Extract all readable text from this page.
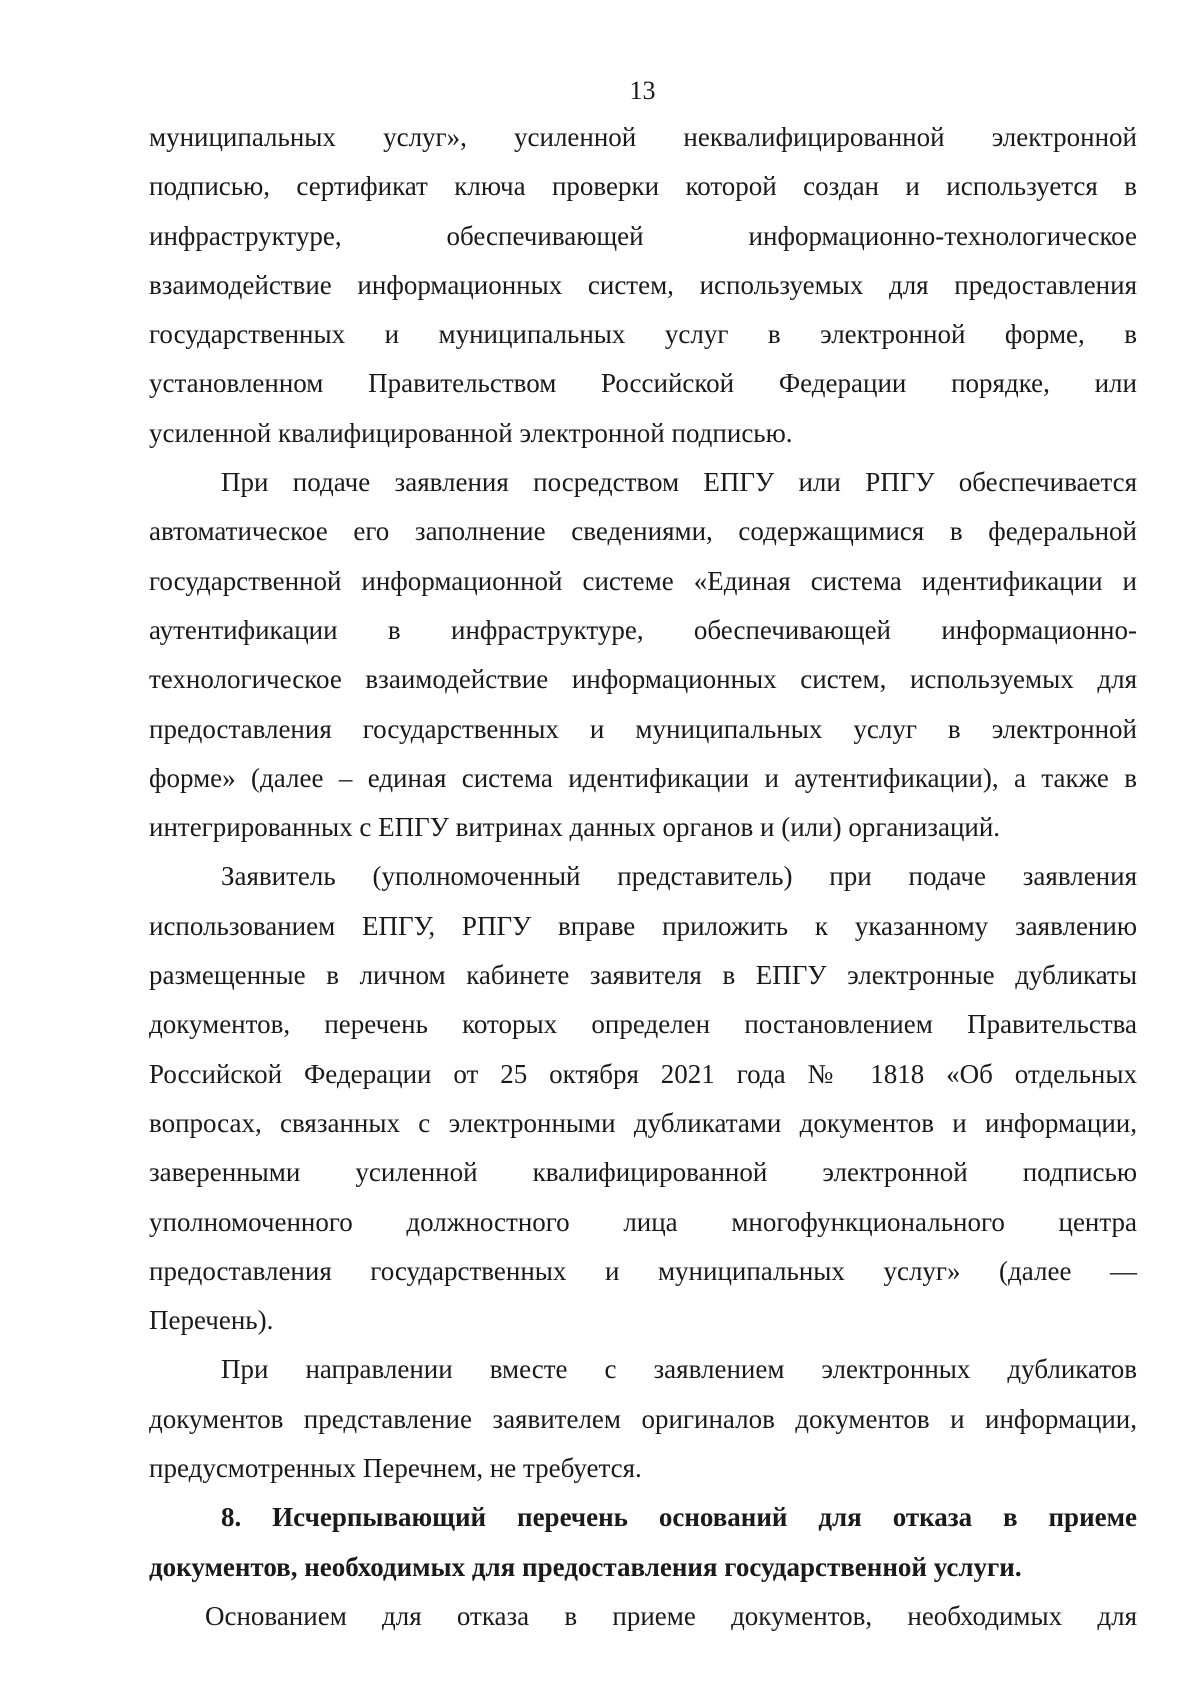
13
муниципальных услуг», усиленной неквалифицированной электронной
подписью, сертификат ключа проверки которой создан и используется в
инфраструктуре, обеспечивающей информационно-технологическое
взаимодействие информационных систем, используемых для предоставления
государственных и муниципальных услуг в электронной форме, в
установленном Правительством Российской Федерации порядке, или
усиленной квалифицированной электронной подписью.
При подаче заявления посредством ЕПГУ или РПГУ обеспечивается
автоматическое его заполнение сведениями, содержащимися в федеральной
государственной информационной системе «Единая система идентификации и
аутентификации в инфраструктуре, обеспечивающей информационно-
технологическое взаимодействие информационных систем, используемых для
предоставления государственных и муниципальных услуг в электронной
форме» (далее – единая система идентификации и аутентификации), а также в
интегрированных с ЕПГУ витринах данных органов и (или) организаций.
Заявитель (уполномоченный представитель) при подаче заявления
использованием ЕПГУ, РПГУ вправе приложить к указанному заявлению
размещенные в личном кабинете заявителя в ЕПГУ электронные дубликаты
документов, перечень которых определен постановлением Правительства
Российской Федерации от 25 октября 2021 года № 1818 «Об отдельных
вопросах, связанных с электронными дубликатами документов и информации,
заверенными усиленной квалифицированной электронной подписью
уполномоченного должностного лица многофункционального центра
предоставления государственных и муниципальных услуг» (далее —
Перечень).
При направлении вместе с заявлением электронных дубликатов
документов представление заявителем оригиналов документов и информации,
предусмотренных Перечнем, не требуется.
8. Исчерпывающий перечень оснований для отказа в приеме
документов, необходимых для предоставления государственной услуги.
Основанием для отказа в приеме документов, необходимых для
